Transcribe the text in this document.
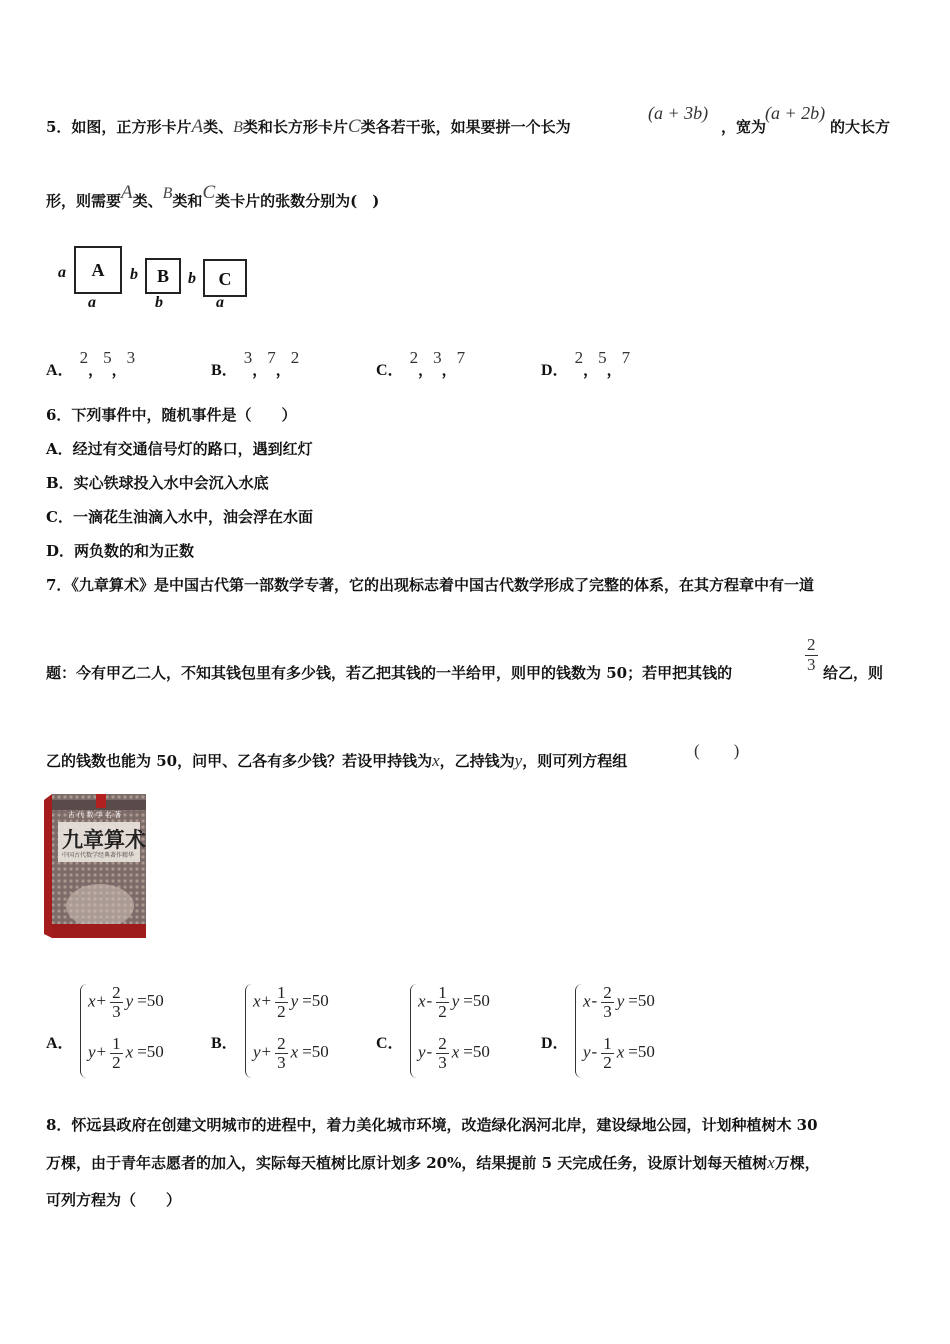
5．如图，正方形卡片A类、B类和长方形卡片C类各若干张，如果要拼一个长为
(a + 3b)
，宽为
(a + 2b)
的大长方
形，则需要A类、B类和C类卡片的张数分别为(　)
a	A
a
b	B
b
b	C
a
A．2，5，3
B．3，7，2
C．2，3，7
D．2，5，7
6．下列事件中，随机事件是（　　）
A．经过有交通信号灯的路口，遇到红灯
B．实心铁球投入水中会沉入水底
C．一滴花生油滴入水中，油会浮在水面
D．两负数的和为正数
7．《九章算术》是中国古代第一部数学专著，它的出现标志着中国古代数学形成了完整的体系，在其方程章中有一道
题：今有甲乙二人，不知其钱包里有多少钱，若乙把其钱的一半给甲，则甲的钱数为 50；若甲把其钱的	$\frac{2}{3}$ 给乙，则
乙的钱数也能为 50，问甲、乙各有多少钱？若设甲持钱为x，乙持钱为y，则可列方程组
(　　)
古 代 数 学 名 著
九章算术
中国古代数学经典著作精华
A．
$x+ \frac{2}{3}$ y =50
$y+ \frac{1}{2}$ x =50	B．
$x+ \frac{1}{2}$ y =50
$y+ \frac{2}{3}$ x =50	C．
$x- \frac{1}{2}$ y =50
$y- \frac{2}{3}$ x =50	D．
$x- \frac{2}{3}$ y =50
$y- \frac{1}{2}$ x =50
8．怀远县政府在创建文明城市的进程中，着力美化城市环境，改造绿化涡河北岸，建设绿地公园，计划种植树木 30
万棵，由于青年志愿者的加入，实际每天植树比原计划多 20%，结果提前 5 天完成任务，设原计划每天植树x万棵，
可列方程为（　　）
